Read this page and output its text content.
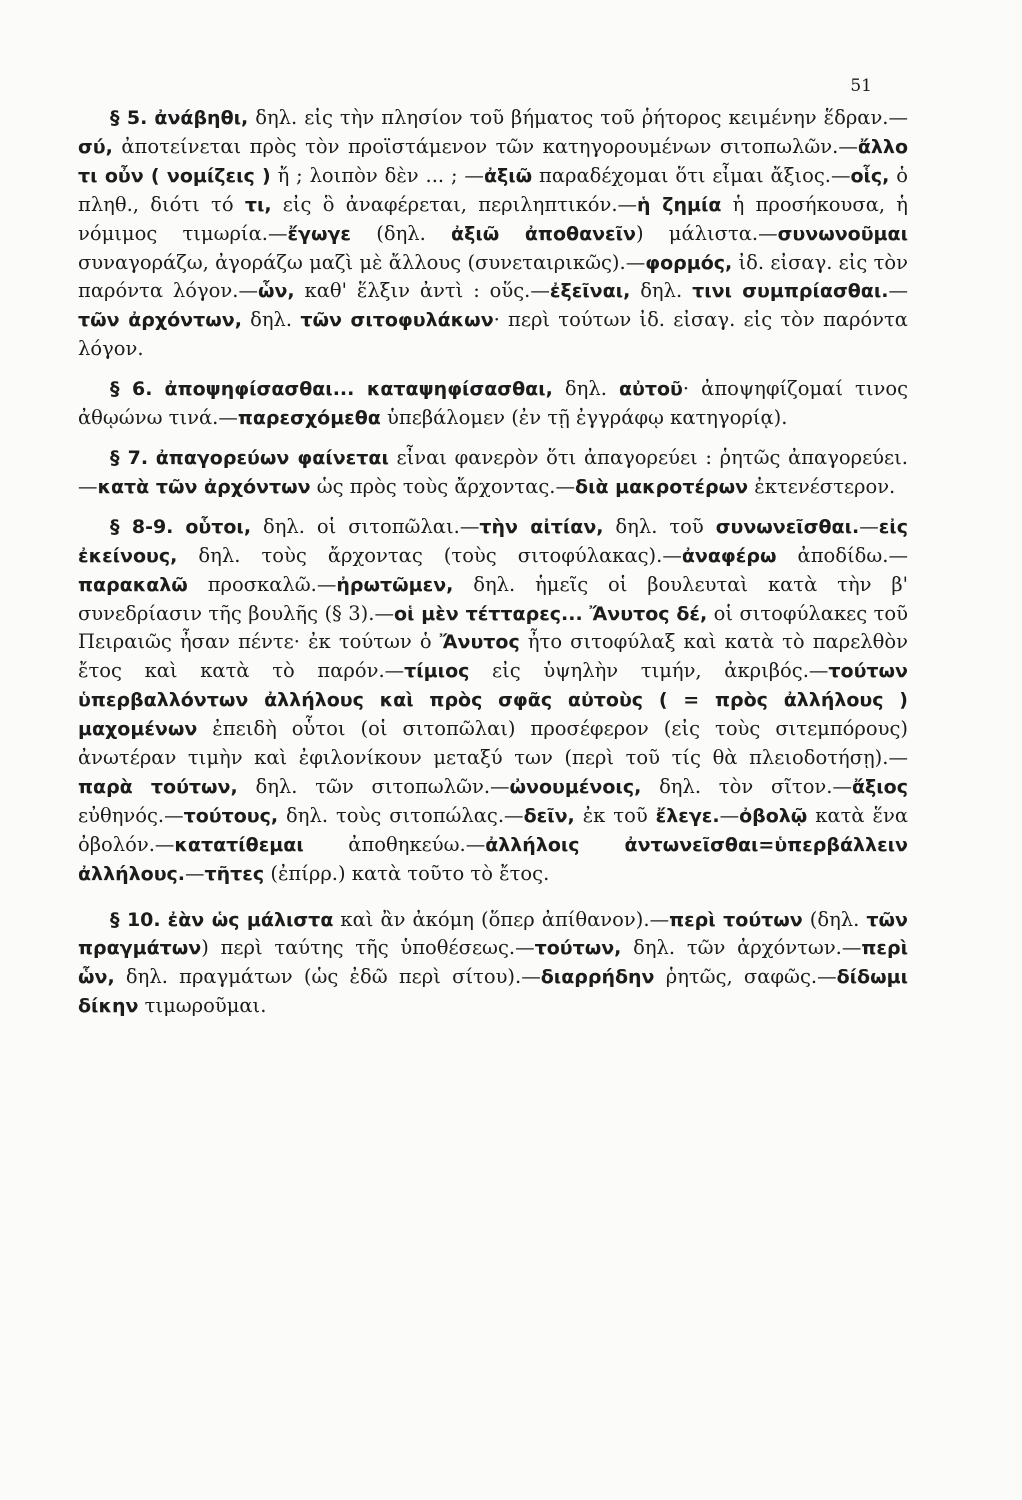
51

§ 5. ἀνάβηθι, δηλ. εἰς τὴν πλησίον τοῦ βήματος τοῦ ῥήτορος κειμένην ἕδραν.—σύ, ἀποτείνεται πρὸς τὸν προϊστάμενον τῶν κατηγορουμένων σιτοπωλῶν.—ἄλλο τι οὖν ( νομίζεις ) ἤ ; λοιπὸν δὲν ... ; —ἀξιῶ παραδέχομαι ὅτι εἶμαι ἄξιος.—οἷς, ὁ πληθ., διότι τό τι, εἰς ὃ ἀναφέρεται, περιληπτικόν.—ἡ ζημία ἡ προσήκουσα, ἡ νόμιμος τιμωρία.—ἔγωγε (δηλ. ἀξιῶ ἀποθανεῖν) μάλιστα.—συνωνοῦμαι συναγοράζω, ἀγοράζω μαζὶ μὲ ἄλλους (συνεταιρικῶς).—φορμός, ἰδ. εἰσαγ. εἰς τὸν παρόντα λόγον.—ὧν, καθ' ἕλξιν ἀντὶ : οὕς.—ἐξεῖναι, δηλ. τινι συμπρίασθαι.—τῶν ἀρχόντων, δηλ. τῶν σιτοφυλάκων· περὶ τούτων ἰδ. εἰσαγ. εἰς τὸν παρόντα λόγον.

§ 6. ἀποψηφίσασθαι... καταψηφίσασθαι, δηλ. αὐτοῦ· ἀποψηφίζομαί τινος ἀθῳώνω τινά.—παρεσχόμεθα ὑπεβάλομεν (ἐν τῇ ἐγγράφῳ κατηγορίᾳ).

§ 7. ἀπαγορεύων φαίνεται εἶναι φανερὸν ὅτι ἀπαγορεύει : ῥητῶς ἀπαγορεύει.—κατὰ τῶν ἀρχόντων ὡς πρὸς τοὺς ἄρχοντας.—διὰ μακροτέρων ἐκτενέστερον.

§ 8-9. οὗτοι, δηλ. οἱ σιτοπῶλαι.—τὴν αἰτίαν, δηλ. τοῦ συνωνεῖσθαι.—εἰς ἐκείνους, δηλ. τοὺς ἄρχοντας (τοὺς σιτοφύλακας).—ἀναφέρω ἀποδίδω.—παρακαλῶ προσκαλῶ.—ἠρωτῶμεν, δηλ. ἡμεῖς οἱ βουλευταὶ κατὰ τὴν β' συνεδρίασιν τῆς βουλῆς (§ 3).—οἱ μὲν τέτταρες... Ἄνυτος δέ, οἱ σιτοφύλακες τοῦ Πειραιῶς ἦσαν πέντε· ἐκ τούτων ὁ Ἄνυτος ἦτο σιτοφύλαξ καὶ κατὰ τὸ παρελθὸν ἔτος καὶ κατὰ τὸ παρόν.—τίμιος εἰς ὑψηλὴν τιμήν, ἀκριβός.—τούτων ὑπερβαλλόντων ἀλλήλους καὶ πρὸς σφᾶς αὐτοὺς ( = πρὸς ἀλλήλους ) μαχομένων ἐπειδὴ οὗτοι (οἱ σιτοπῶλαι) προσέφερον (εἰς τοὺς σιτεμπόρους) ἀνωτέραν τιμὴν καὶ ἐφιλονίκουν μεταξύ των (περὶ τοῦ τίς θὰ πλειοδοτήσῃ).—παρὰ τούτων, δηλ. τῶν σιτοπωλῶν.—ὠνουμένοις, δηλ. τὸν σῖτον.—ἄξιος εὐθηνός.—τούτους, δηλ. τοὺς σιτοπώλας.—δεῖν, ἐκ τοῦ ἔλεγε.—ὀβολῷ κατὰ ἕνα ὀβολόν.—κατατίθεμαι ἀποθηκεύω.—ἀλλήλοις ἀντωνεῖσθαι=ὑπερβάλλειν ἀλλήλους.—τῆτες (ἐπίρρ.) κατὰ τοῦτο τὸ ἔτος.

§ 10. ἐὰν ὡς μάλιστα καὶ ἂν ἀκόμη (ὅπερ ἀπίθανον).—περὶ τούτων (δηλ. τῶν πραγμάτων) περὶ ταύτης τῆς ὑποθέσεως.—τούτων, δηλ. τῶν ἀρχόντων.—περὶ ὧν, δηλ. πραγμάτων (ὡς ἐδῶ περὶ σίτου).—διαρρήδην ῥητῶς, σαφῶς.—δίδωμι δίκην τιμωροῦμαι.
